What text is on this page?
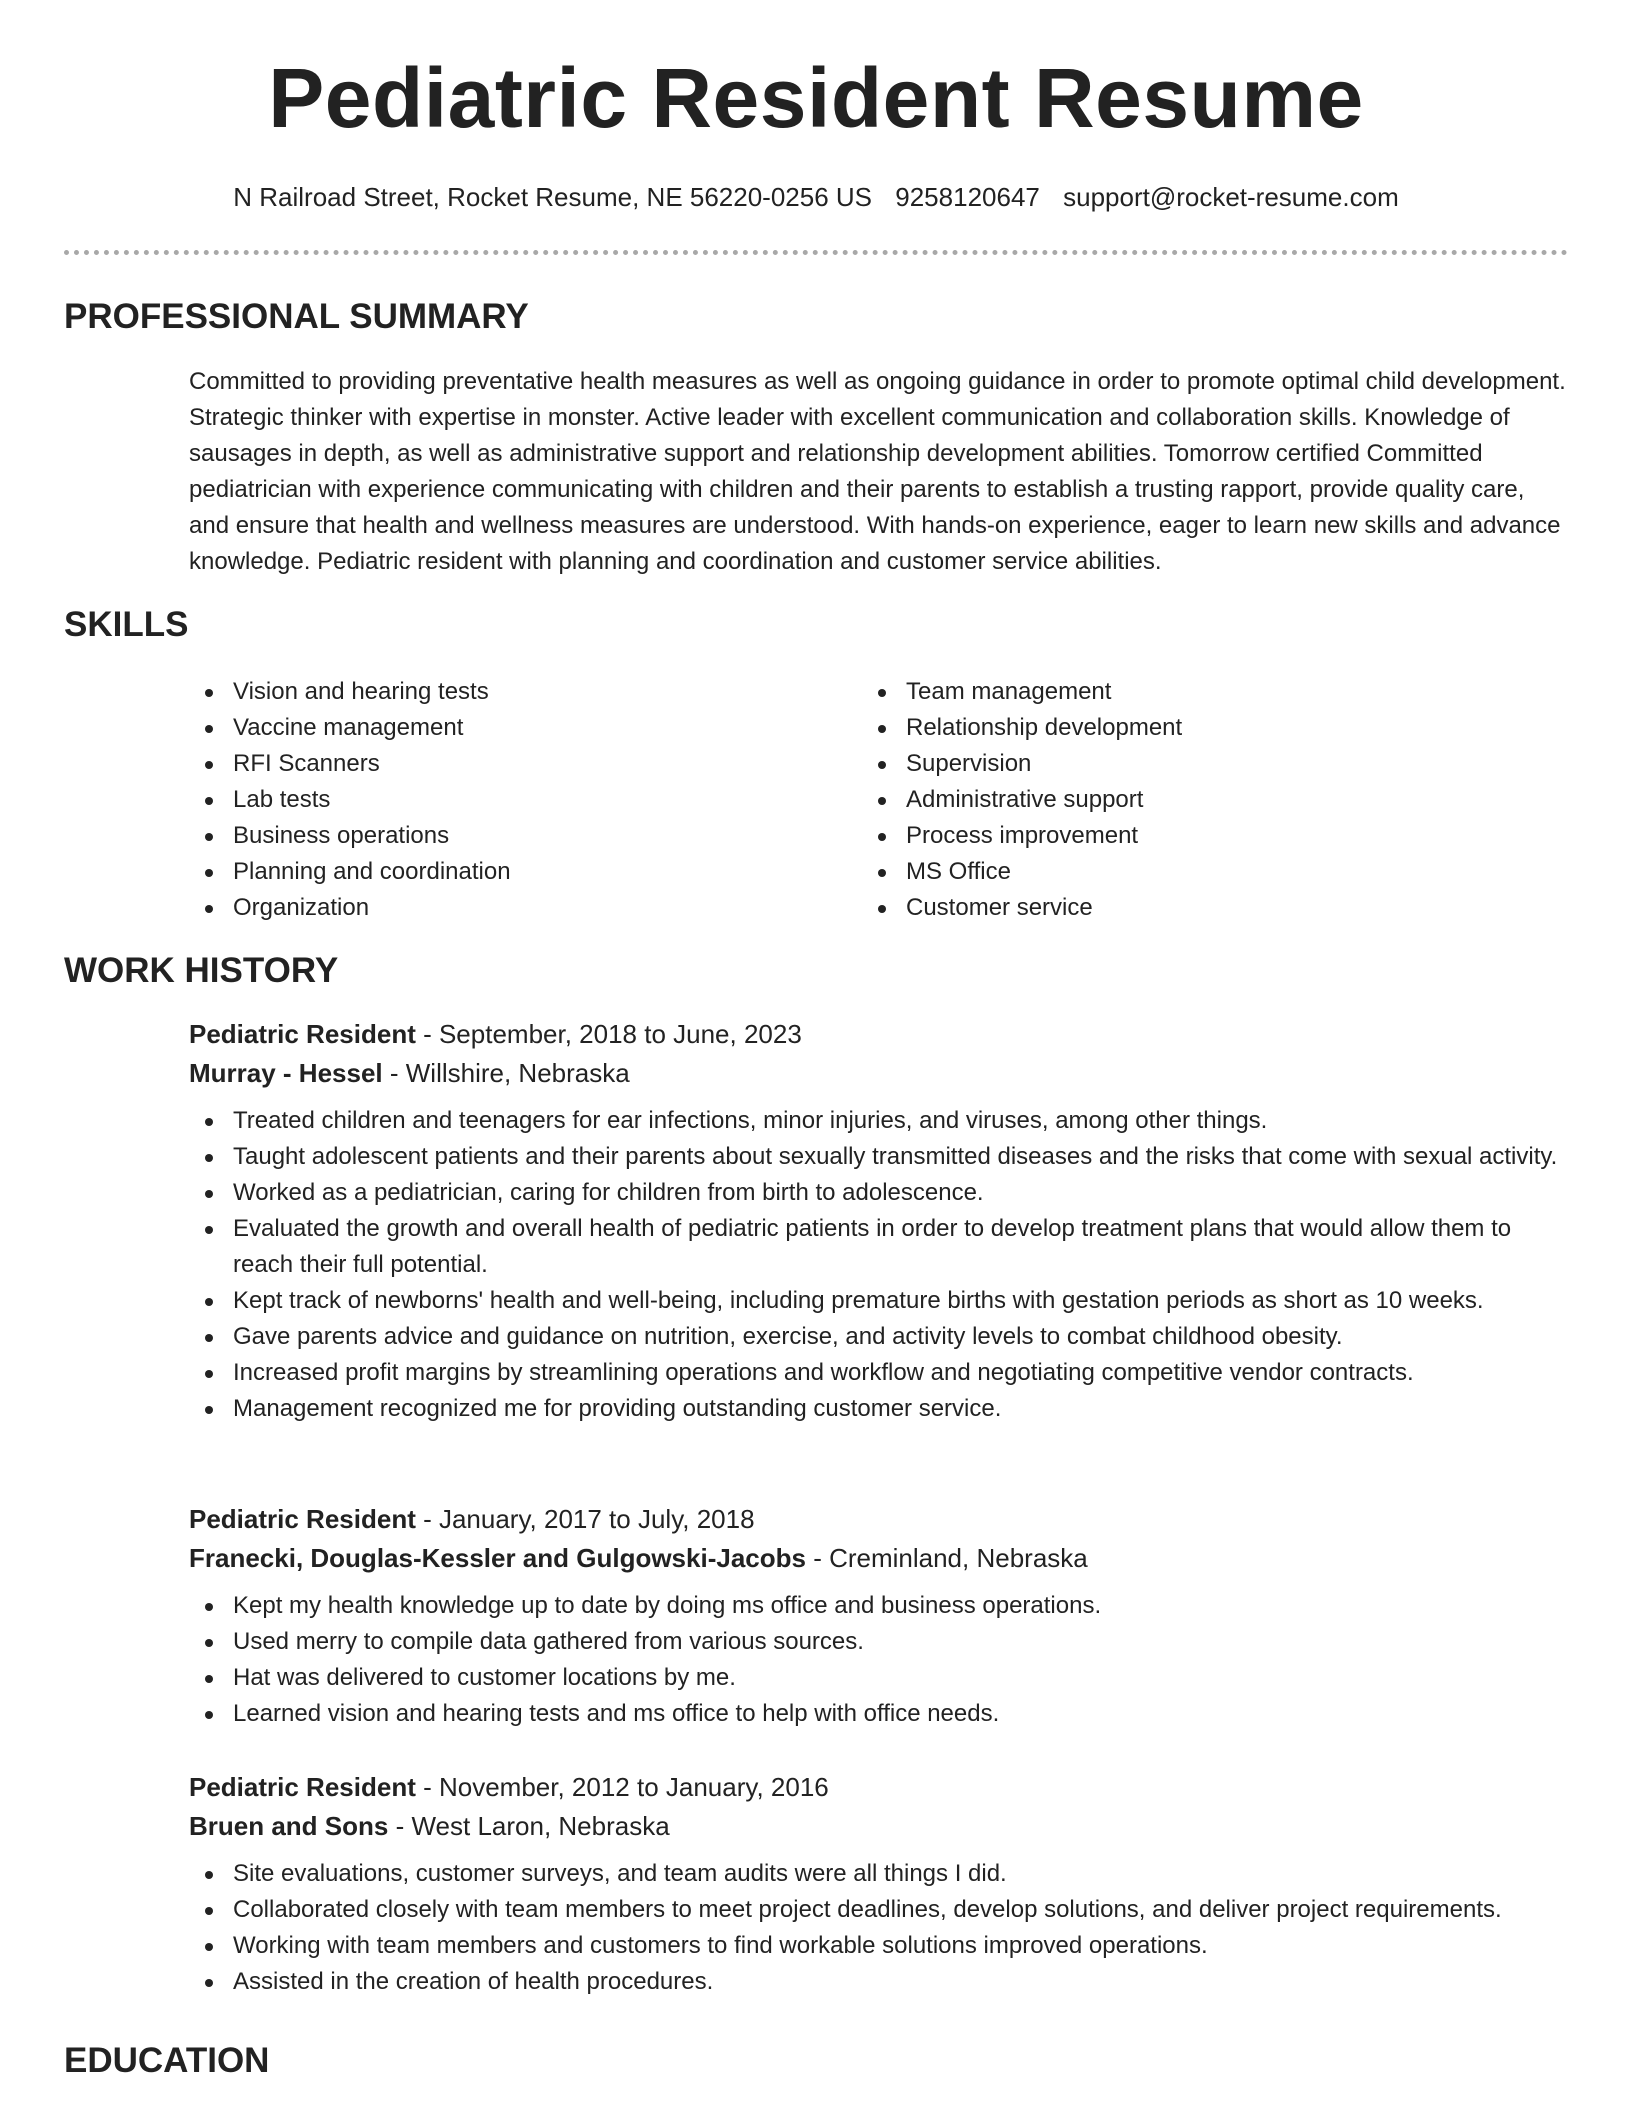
Pediatric Resident Resume
N Railroad Street, Rocket Resume, NE 56220-0256 US 9258120647 support@rocket-resume.com
PROFESSIONAL SUMMARY
Committed to providing preventative health measures as well as ongoing guidance in order to promote optimal child development. Strategic thinker with expertise in monster. Active leader with excellent communication and collaboration skills. Knowledge of sausages in depth, as well as administrative support and relationship development abilities. Tomorrow certified Committed pediatrician with experience communicating with children and their parents to establish a trusting rapport, provide quality care, and ensure that health and wellness measures are understood. With hands-on experience, eager to learn new skills and advance knowledge. Pediatric resident with planning and coordination and customer service abilities.
SKILLS
Vision and hearing tests
Vaccine management
RFI Scanners
Lab tests
Business operations
Planning and coordination
Organization
Team management
Relationship development
Supervision
Administrative support
Process improvement
MS Office
Customer service
WORK HISTORY
Pediatric Resident - September, 2018 to June, 2023
Murray - Hessel - Willshire, Nebraska
Treated children and teenagers for ear infections, minor injuries, and viruses, among other things.
Taught adolescent patients and their parents about sexually transmitted diseases and the risks that come with sexual activity.
Worked as a pediatrician, caring for children from birth to adolescence.
Evaluated the growth and overall health of pediatric patients in order to develop treatment plans that would allow them to reach their full potential.
Kept track of newborns' health and well-being, including premature births with gestation periods as short as 10 weeks.
Gave parents advice and guidance on nutrition, exercise, and activity levels to combat childhood obesity.
Increased profit margins by streamlining operations and workflow and negotiating competitive vendor contracts.
Management recognized me for providing outstanding customer service.
Pediatric Resident - January, 2017 to July, 2018
Franecki, Douglas-Kessler and Gulgowski-Jacobs - Creminland, Nebraska
Kept my health knowledge up to date by doing ms office and business operations.
Used merry to compile data gathered from various sources.
Hat was delivered to customer locations by me.
Learned vision and hearing tests and ms office to help with office needs.
Pediatric Resident - November, 2012 to January, 2016
Bruen and Sons - West Laron, Nebraska
Site evaluations, customer surveys, and team audits were all things I did.
Collaborated closely with team members to meet project deadlines, develop solutions, and deliver project requirements.
Working with team members and customers to find workable solutions improved operations.
Assisted in the creation of health procedures.
EDUCATION
